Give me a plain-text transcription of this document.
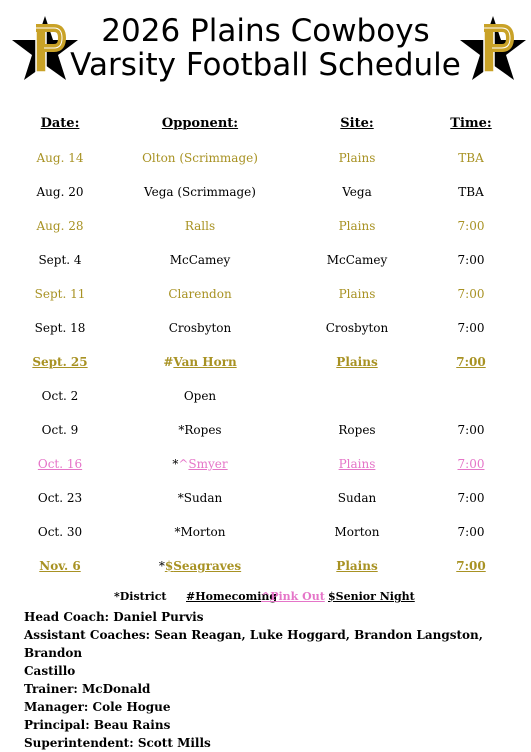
2026 Plains Cowboys
Varsity Football Schedule
Date:	Opponent:	Site:	Time:
Aug. 14	Olton (Scrimmage)	Plains	TBA
Aug. 20	Vega (Scrimmage)	Vega	TBA
Aug. 28	Ralls	Plains	7:00
Sept. 4	McCamey	McCamey	7:00
Sept. 11	Clarendon	Plains	7:00
Sept. 18	Crosbyton	Crosbyton	7:00
Sept. 25	#Van Horn	Plains	7:00
Oct. 2	Open
Oct. 9	*Ropes	Ropes	7:00
Oct. 16	*^Smyer	Plains	7:00
Oct. 23	*Sudan	Sudan	7:00
Oct. 30	*Morton	Morton	7:00
Nov. 6	*$Seagraves	Plains	7:00
*District #Homecoming
^Pink Out $Senior Night
Head Coach: Daniel Purvis
Assistant Coaches: Sean Reagan, Luke Hoggard, Brandon Langston, Brandon
Castillo
Trainer: McDonald
Manager: Cole Hogue
Principal: Beau Rains
Superintendent: Scott Mills
